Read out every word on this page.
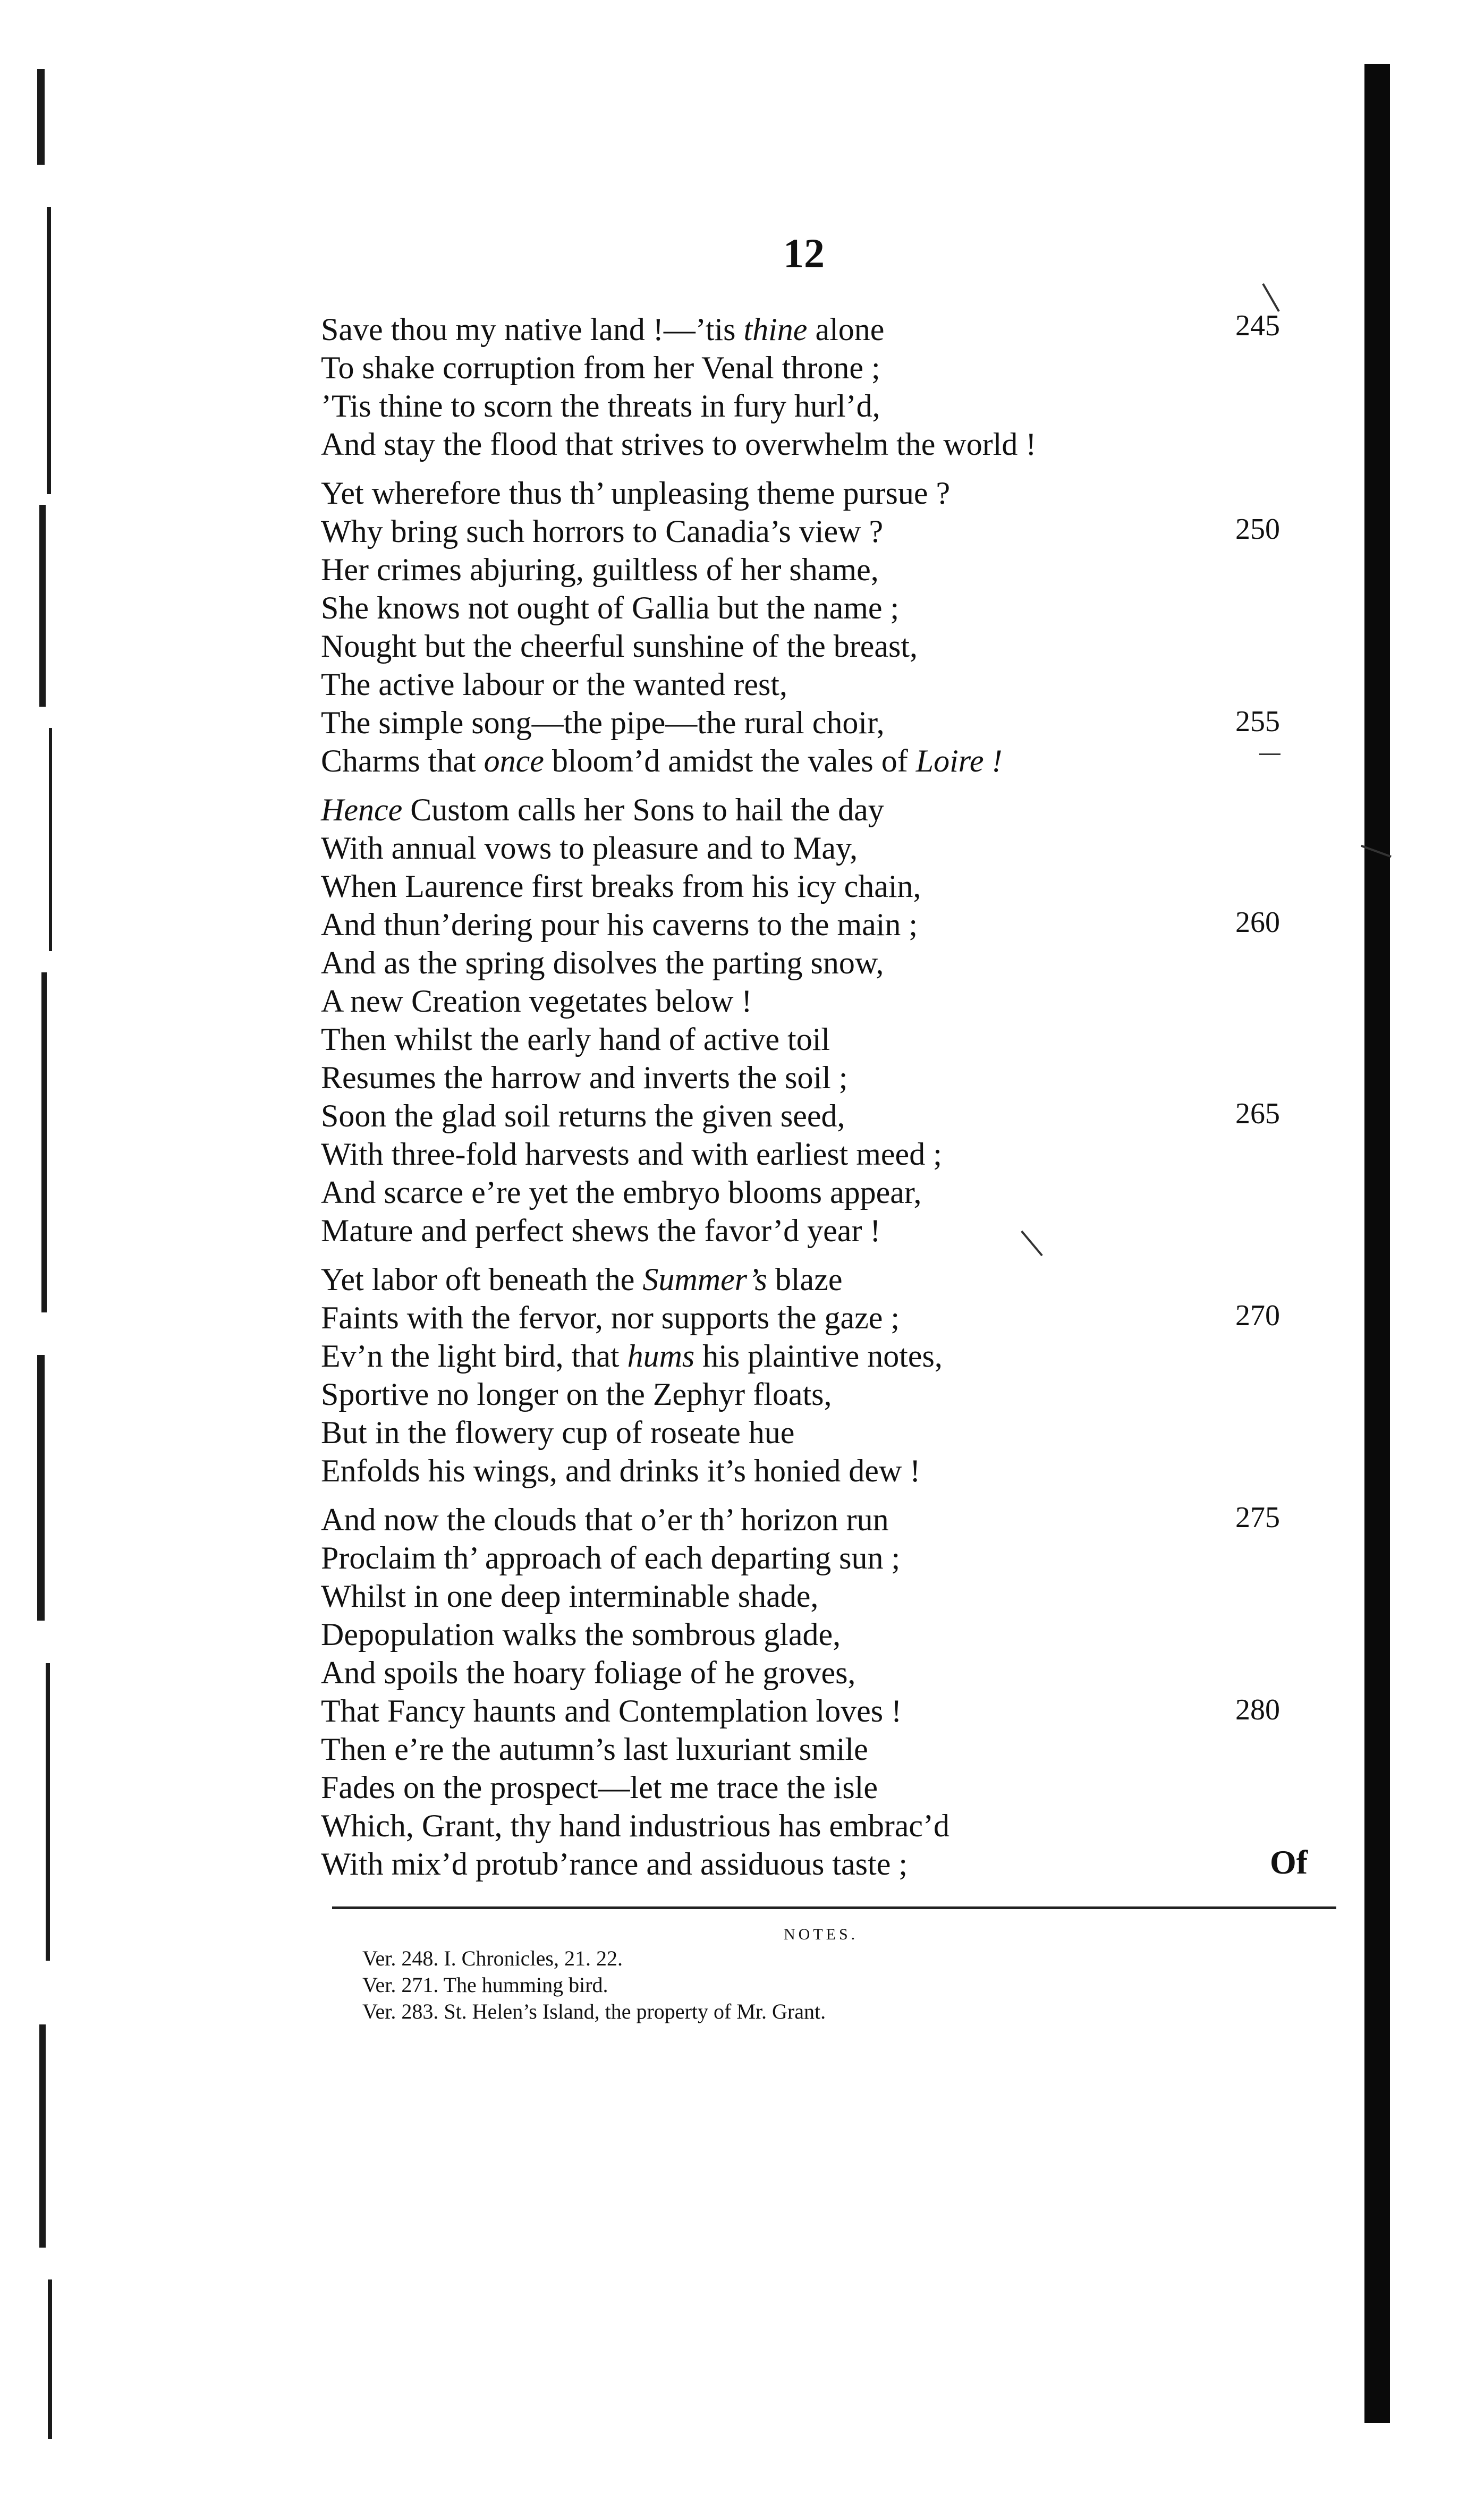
12
Save thou my native land !—’tis thine alone
To shake corruption from her Venal throne ;
’Tis thine to scorn the threats in fury hurl’d,
And stay the flood that strives to overwhelm the world !
Yet wherefore thus th’ unpleasing theme pursue ?
Why bring such horrors to Canadia’s view ?
Her crimes abjuring, guiltless of her shame,
She knows not ought of Gallia but the name ;
Nought but the cheerful sunshine of the breast,
The active labour or the wanted rest,
The simple song—the pipe—the rural choir,
Charms that once bloom’d amidst the vales of Loire !
Hence Custom calls her Sons to hail the day
With annual vows to pleasure and to May,
When Laurence first breaks from his icy chain,
And thun’dering pour his caverns to the main ;
And as the spring disolves the parting snow,
A new Creation vegetates below !
Then whilst the early hand of active toil
Resumes the harrow and inverts the soil ;
Soon the glad soil returns the given seed,
With three-fold harvests and with earliest meed ;
And scarce e’re yet the embryo blooms appear,
Mature and perfect shews the favor’d year !
Yet labor oft beneath the Summer’s blaze
Faints with the fervor, nor supports the gaze ;
Ev’n the light bird, that hums his plaintive notes,
Sportive no longer on the Zephyr floats,
But in the flowery cup of roseate hue
Enfolds his wings, and drinks it’s honied dew !
And now the clouds that o’er th’ horizon run
Proclaim th’ approach of each departing sun ;
Whilst in one deep interminable shade,
Depopulation walks the sombrous glade,
And spoils the hoary foliage of he groves,
That Fancy haunts and Contemplation loves !
Then e’re the autumn’s last luxuriant smile
Fades on the prospect—let me trace the isle
Which, Grant, thy hand industrious has embrac’d
With mix’d protub’rance and assiduous taste ;
245
250
255
260
265
270
275
280
Of
NOTES.
Ver. 248. I. Chronicles, 21. 22.
Ver. 271. The humming bird.
Ver. 283. St. Helen’s Island, the property of Mr. Grant.
